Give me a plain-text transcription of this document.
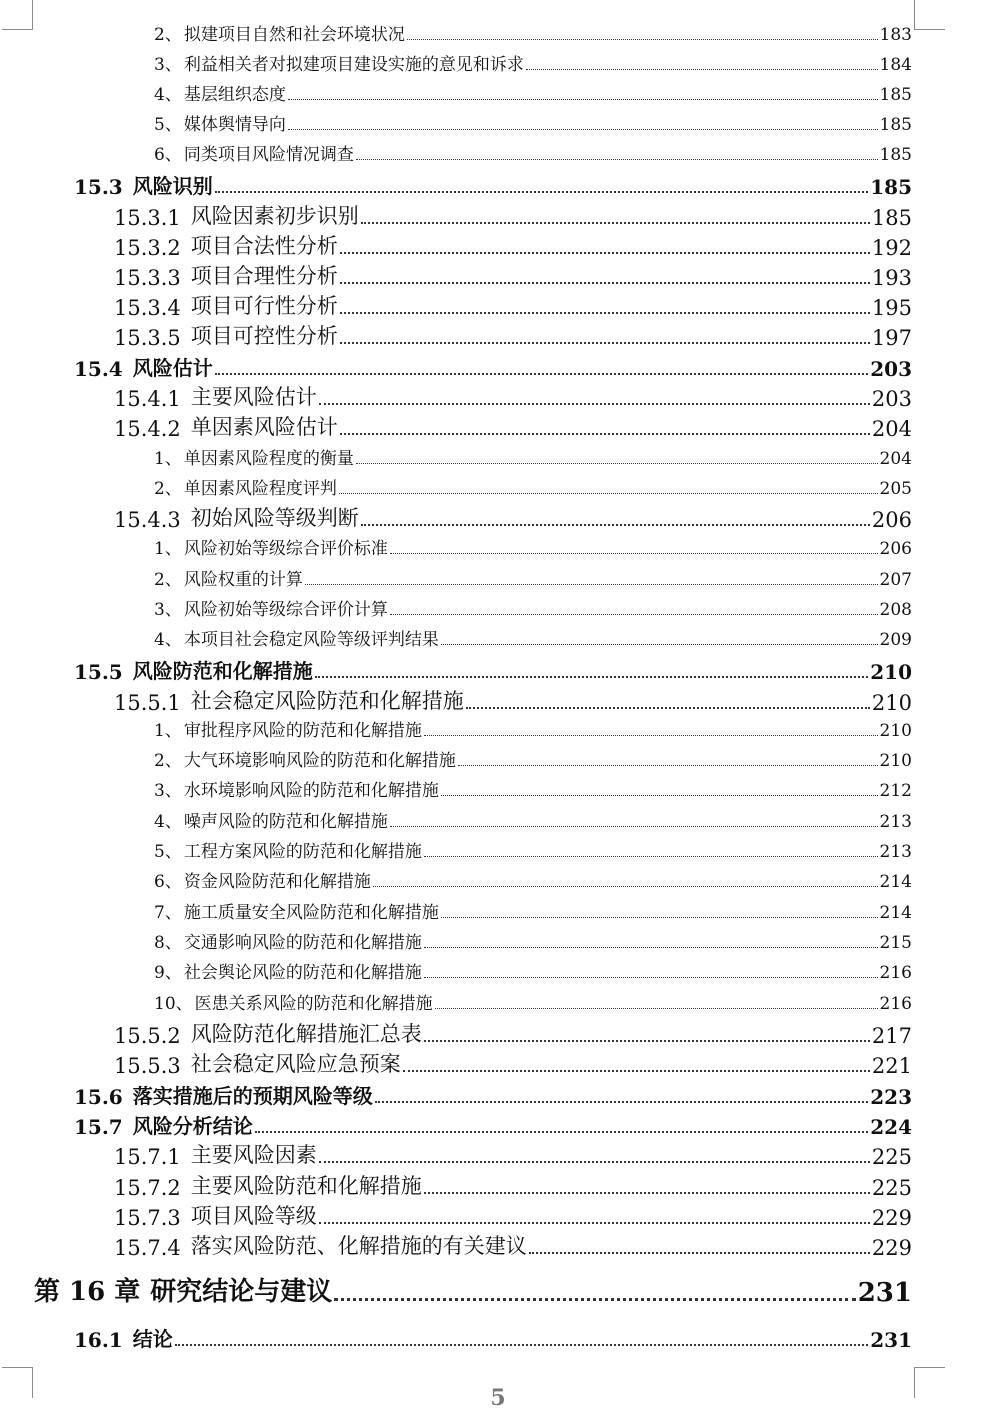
2、 拟建项目自然和社会环境状况	183
3、 利益相关者对拟建项目建设实施的意见和诉求	184
4、 基层组织态度	185
5、 媒体舆情导向	185
6、 同类项目风险情况调查	185
15.3 风险识别	185
15.3.1 风险因素初步识别	185
15.3.2 项目合法性分析	192
15.3.3 项目合理性分析	193
15.3.4 项目可行性分析	195
15.3.5 项目可控性分析	197
15.4 风险估计	203
15.4.1 主要风险估计	203
15.4.2 单因素风险估计	204
1、 单因素风险程度的衡量	204
2、 单因素风险程度评判	205
15.4.3 初始风险等级判断	206
1、 风险初始等级综合评价标准	206
2、 风险权重的计算	207
3、 风险初始等级综合评价计算	208
4、 本项目社会稳定风险等级评判结果	209
15.5 风险防范和化解措施	210
15.5.1 社会稳定风险防范和化解措施	210
1、 审批程序风险的防范和化解措施	210
2、 大气环境影响风险的防范和化解措施	210
3、 水环境影响风险的防范和化解措施	212
4、 噪声风险的防范和化解措施	213
5、 工程方案风险的防范和化解措施	213
6、 资金风险防范和化解措施	214
7、 施工质量安全风险防范和化解措施	214
8、 交通影响风险的防范和化解措施	215
9、 社会舆论风险的防范和化解措施	216
10、 医患关系风险的防范和化解措施	216
15.5.2 风险防范化解措施汇总表	217
15.5.3 社会稳定风险应急预案	221
15.6 落实措施后的预期风险等级	223
15.7 风险分析结论	224
15.7.1 主要风险因素	225
15.7.2 主要风险防范和化解措施	225
15.7.3 项目风险等级	229
15.7.4 落实风险防范、化解措施的有关建议	229
第 16 章 研究结论与建议	231
16.1 结论	231
5
